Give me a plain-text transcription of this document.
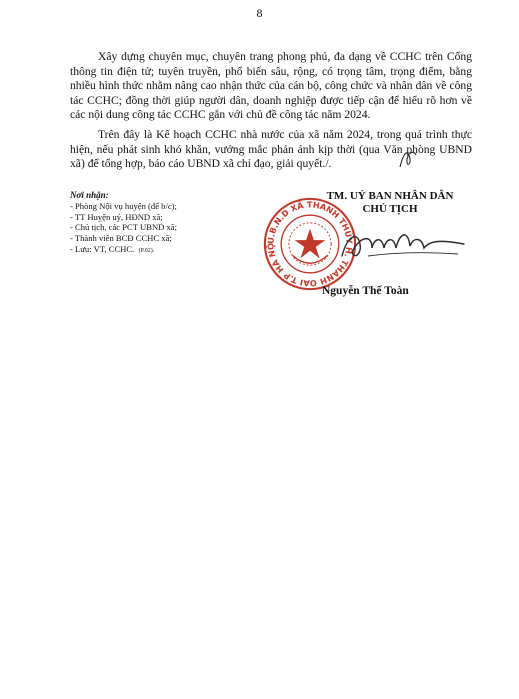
8

Xây dựng chuyên mục, chuyên trang phong phú, đa dạng về CCHC trên Cổng thông tin điện tử; tuyên truyền, phổ biến sâu, rộng, có trọng tâm, trọng điểm, bằng nhiều hình thức nhằm nâng cao nhận thức của cán bộ, công chức và nhân dân về công tác CCHC; đồng thời giúp người dân, doanh nghiệp được tiếp cận để hiểu rõ hơn về các nội dung công tác CCHC gắn với chủ đề công tác năm 2024.

Trên đây là Kế hoạch CCHC nhà nước của xã năm 2024, trong quá trình thực hiện, nếu phát sinh khó khăn, vướng mắc phản ánh kịp thời (qua Văn phòng UBND xã) để tổng hợp, báo cáo UBND xã chỉ đạo, giải quyết./.

Nơi nhận:
- Phòng Nội vụ huyện (để b/c);
- TT Huyện uỷ, HĐND xã;
- Chủ tịch, các PCT UBND xã;
- Thành viên BCĐ CCHC xã;
- Lưu: VT, CCHC. (P.02).
TM. UỶ BAN NHÂN DÂN
CHỦ TỊCH
U.B.N.D XÃ THANH THỦY H. THANH OAI T.P HÀ NỘ
Nguyễn Thế Toàn
